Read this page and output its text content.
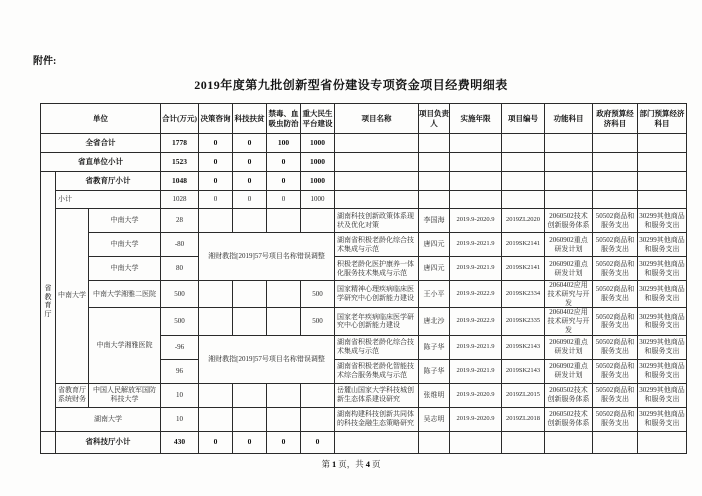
附件:
2019年度第九批创新型省份建设专项资金项目经费明细表
单位			合计(万元)	决策咨询	科技扶贫	禁毒、血吸虫防治	重大民生平台建设	项目名称	项目负责人	实施年限	项目编号	功能科目	政府预算经济科目	部门预算经济科目
全省合计			1778	0	0	100	1000							
省直单位小计			1523	0	0	0	1000							
省教育厅	省教育厅小计		1048	0	0	0	1000							
	小计		1028	0	0	0	1000							
	中南大学	中南大学	28					湖南科技创新政策体系现状及优化对策	李国海	2019.9-2020.9	2019ZL2020	2060502技术创新服务体系	50502商品和服务支出	30299其他商品和服务支出
		中南大学	-80	湘财教指[2019]57号项目名称错误调整				湖南省积极老龄化综合技术集成与示范	唐四元	2019.9-2021.9	2019SK2141	2060902重点研发计划	50502商品和服务支出	30299其他商品和服务支出
		中南大学	80					积极老龄化医护康养一体化服务技术集成与示范	唐四元	2019.9-2021.9	2019SK2141	2060902重点研发计划	50502商品和服务支出	30299其他商品和服务支出
		中南大学湘雅二医院	500				500	国家精神心理疾病临床医学研究中心创新能力建设	王小平	2019.9-2022.9	2019SK2334	2060402应用技术研究与开发	50502商品和服务支出	30299其他商品和服务支出
		中南大学湘雅医院	500				500	国家老年疾病临床医学研究中心创新能力建设	唐北沙	2019.9-2022.9	2019SK2335	2060402应用技术研究与开发	50502商品和服务支出	30299其他商品和服务支出
			-96	湘财教指[2019]57号项目名称错误调整				湖南省积极老龄化综合技术集成与示范	陈子华	2019.9-2021.9	2019SK2143	2060902重点研发计划	50502商品和服务支出	30299其他商品和服务支出
			96					湖南省积极老龄化智能技术综合服务集成与示范	陈子华	2019.9-2021.9	2019SK2143	2060902重点研发计划	50502商品和服务支出	30299其他商品和服务支出
	省教育厅系统财务	中国人民解放军国防科技大学	10					岳麓山国家大学科技城创新生态体系建设研究	张维明	2019.9-2020.9	2019ZL2015	2060502技术创新服务体系	50502商品和服务支出	30299其他商品和服务支出
	湖南大学		10					湖南构建科技创新共同体的科技金融生态策略研究	吴志明	2019.9-2020.9	2019ZL2018	2060502技术创新服务体系	50502商品和服务支出	30299其他商品和服务支出
	省科技厅小计		430	0	0	0	0							
第 1 页，共 4 页
